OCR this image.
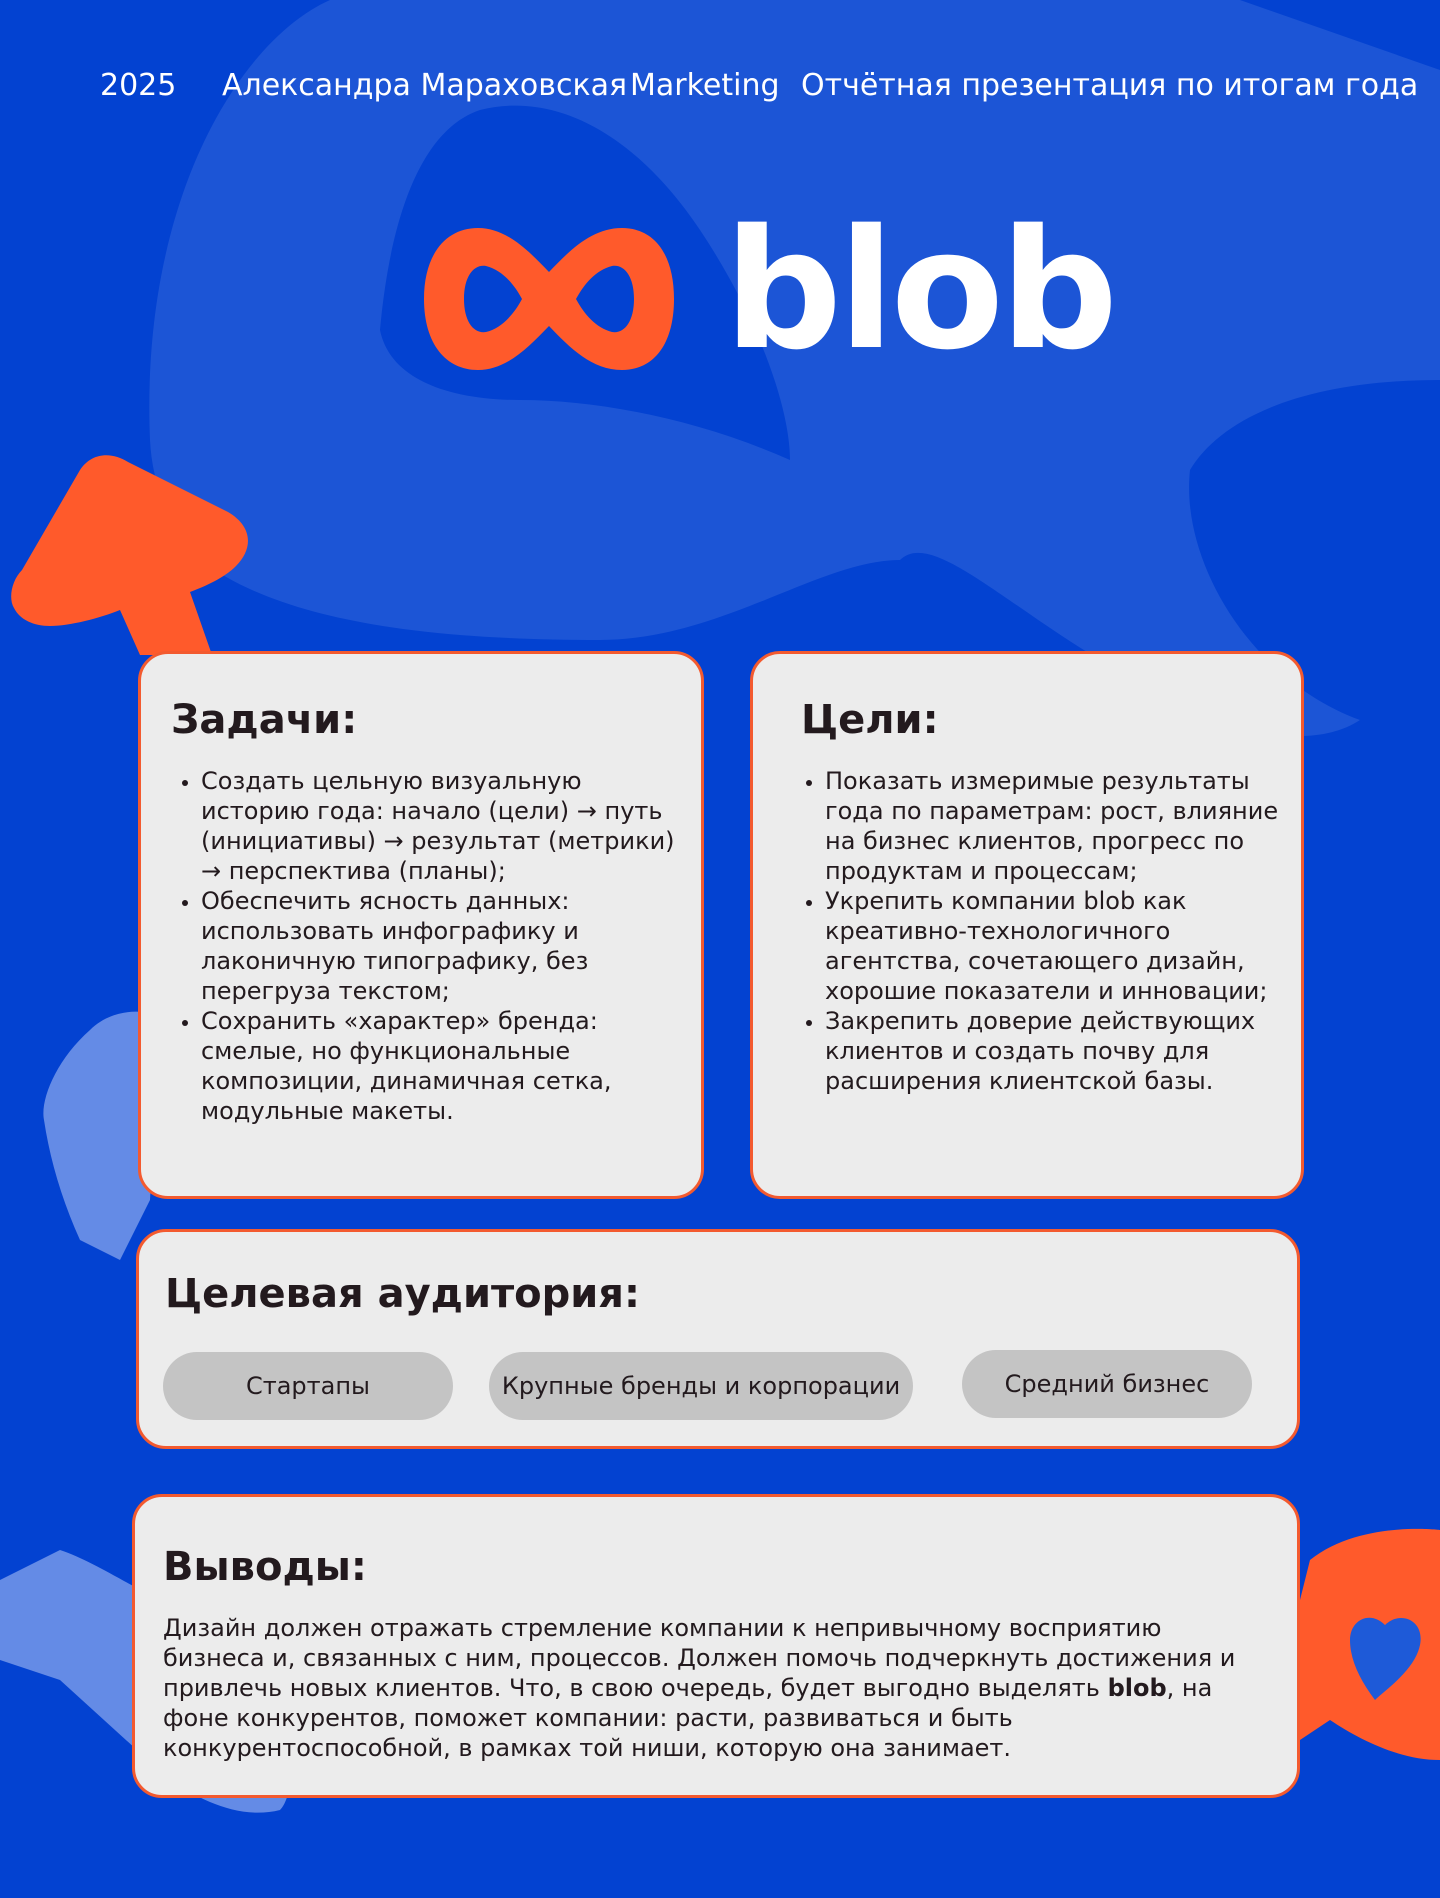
2025 Александра Мараховская Marketing Отчётная презентация по итогам года
blob
Задачи:
• Создать цельную визуальную историю года: начало (цели) → путь (инициативы) → результат (метрики) → перспектива (планы);
• Обеспечить ясность данных: использовать инфографику и лаконичную типографику, без перегруза текстом;
• Сохранить «характер» бренда: смелые, но функциональные композиции, динамичная сетка, модульные макеты.
Цели:
• Показать измеримые результаты года по параметрам: рост, влияние на бизнес клиентов, прогресс по продуктам и процессам;
• Укрепить компании blob как креативно-технологичного агентства, сочетающего дизайн, хорошие показатели и инновации;
• Закрепить доверие действующих клиентов и создать почву для расширения клиентской базы.
Целевая аудитория:
Стартапы	Крупные бренды и корпорации	Средний бизнес
Выводы:

Дизайн должен отражать стремление компании к непривычному восприятию бизнеса и, связанных с ним, процессов. Должен помочь подчеркнуть достижения и привлечь новых клиентов. Что, в свою очередь, будет выгодно выделять blob, на фоне конкурентов, поможет компании: расти, развиваться и быть конкурентоспособной, в рамках той ниши, которую она занимает.
